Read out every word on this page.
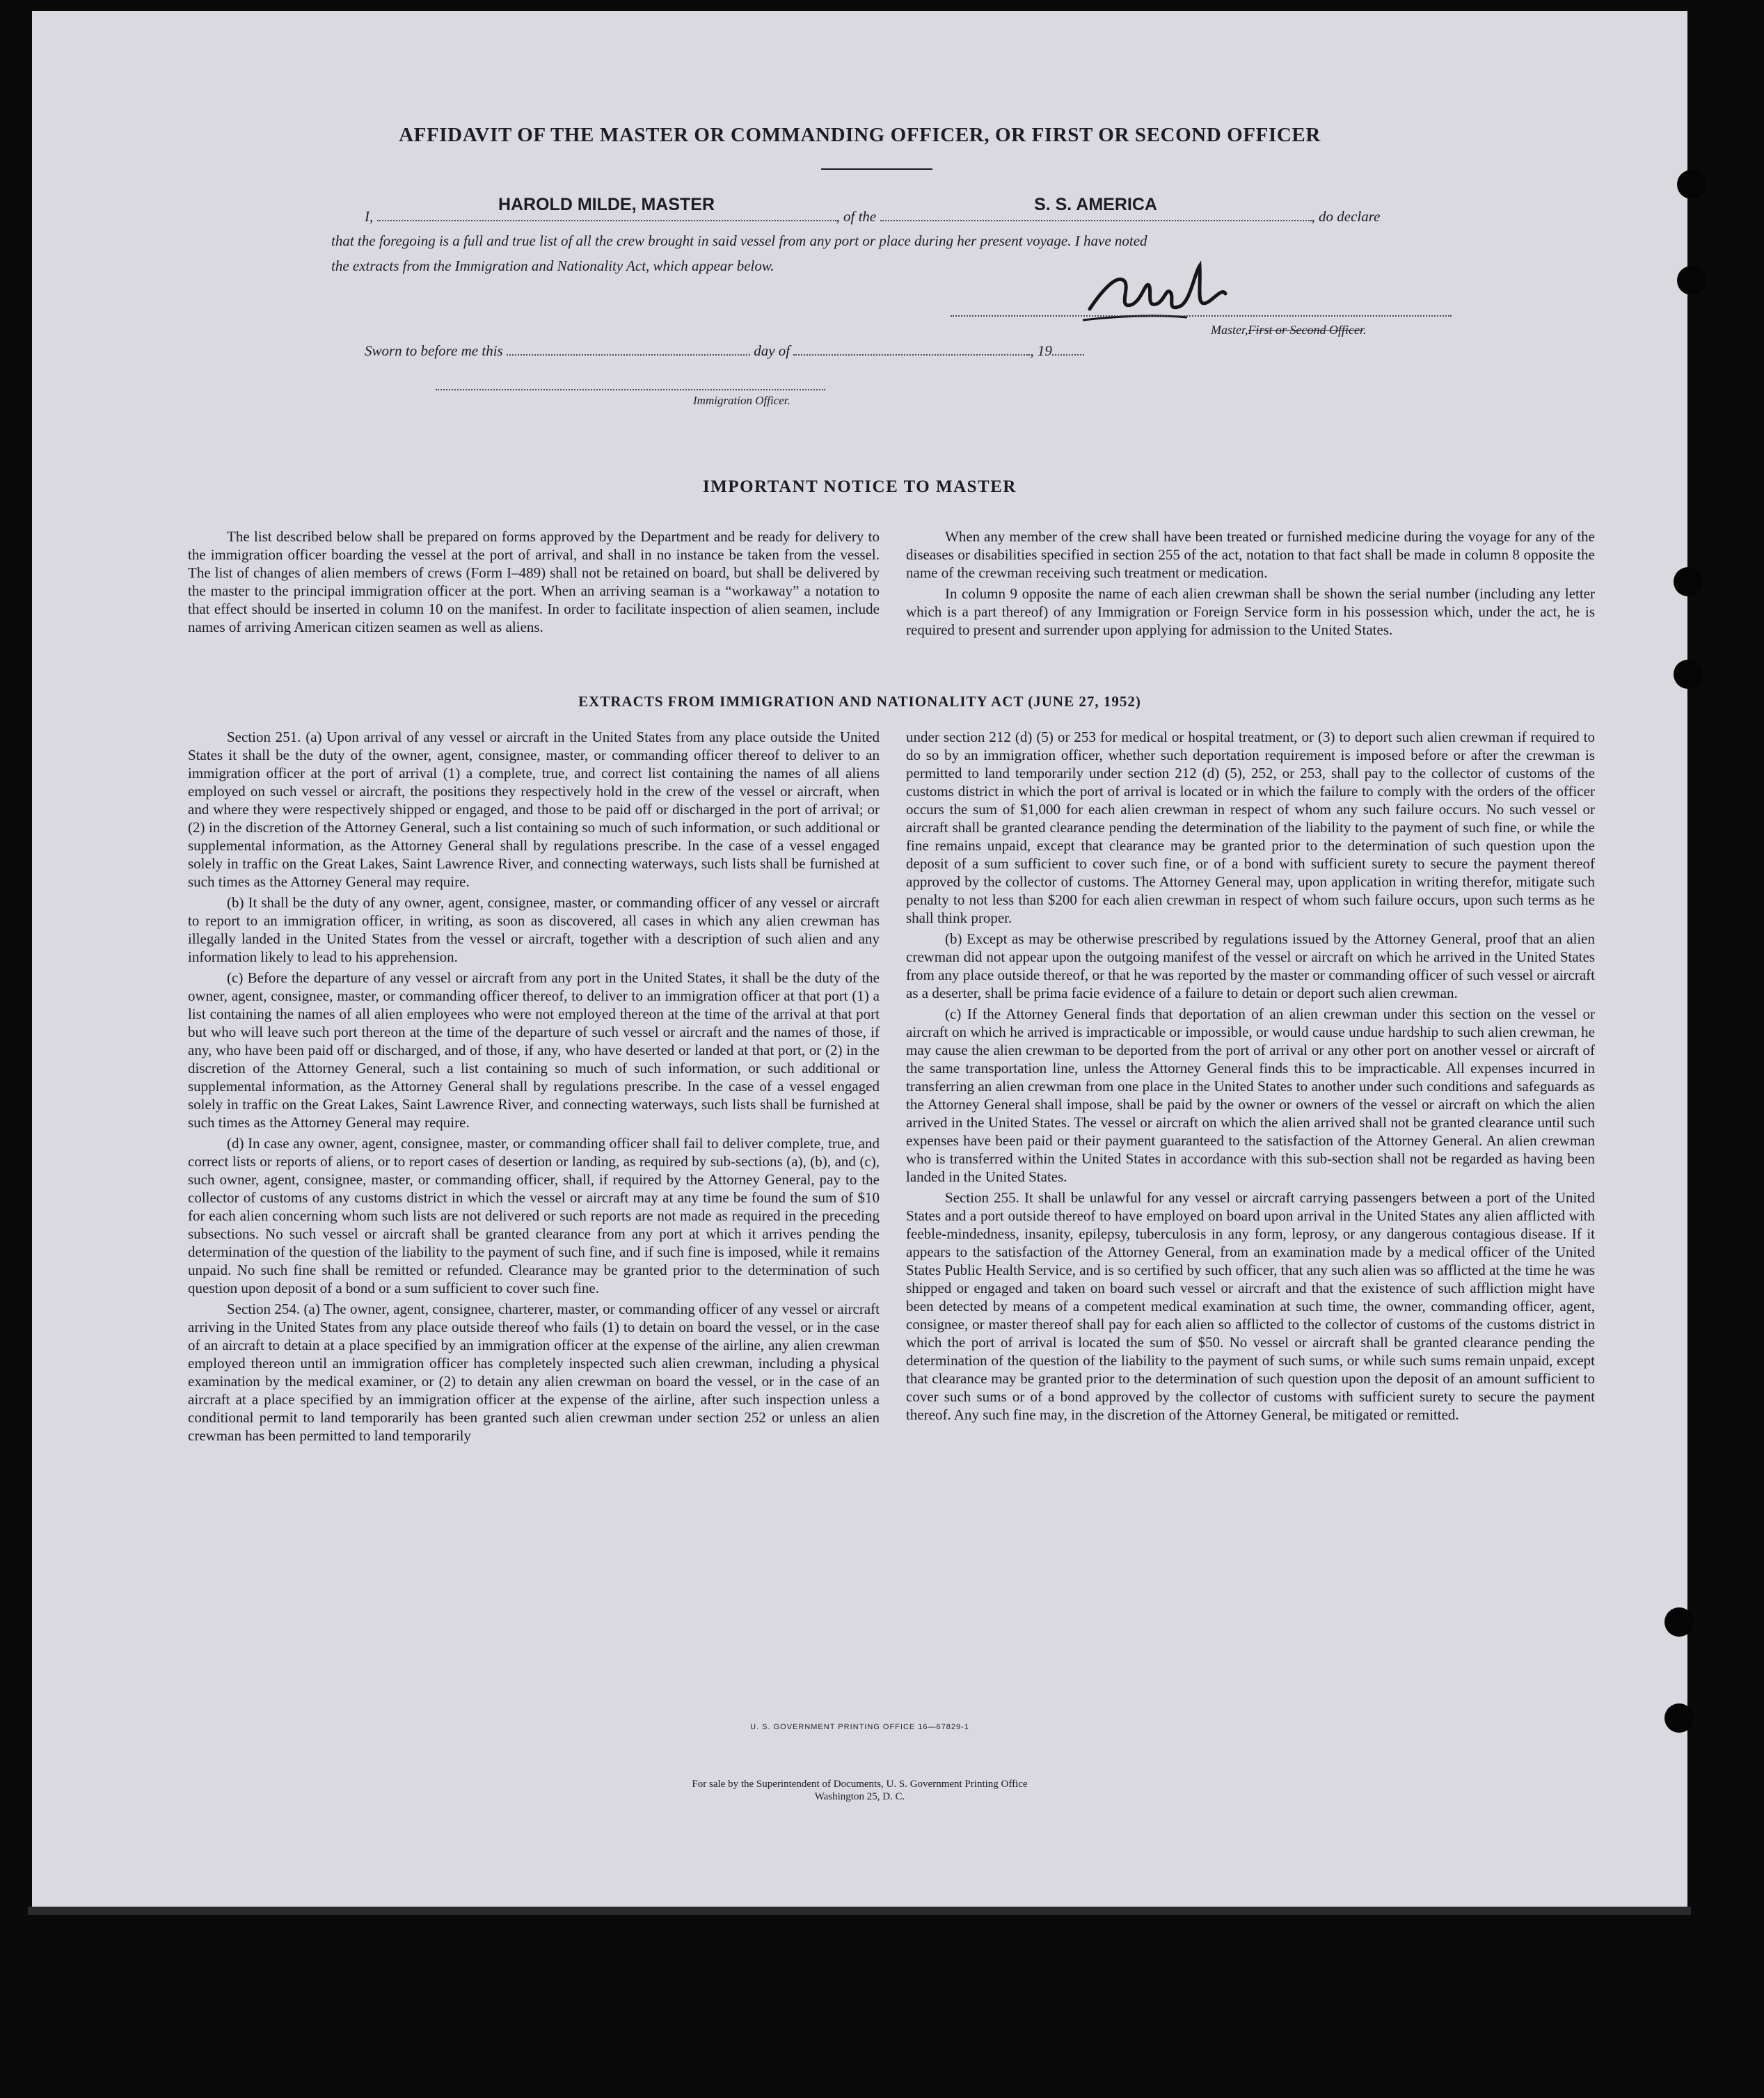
AFFIDAVIT OF THE MASTER OR COMMANDING OFFICER, OR FIRST OR SECOND OFFICER
I,
HAROLD MILDE, MASTER
, of the
S. S. AMERICA
, do declare
that the foregoing is a full and true list of all the crew brought in said vessel from any port or place during her present voyage. I have noted
the extracts from the Immigration and Nationality Act, which appear below.
Master,First or Second Officer.
Sworn to before me this	day of	, 19
Immigration Officer.
IMPORTANT NOTICE TO MASTER

The list described below shall be prepared on forms approved by the Department and be ready for delivery to the immigration officer boarding the vessel at the port of arrival, and shall in no instance be taken from the vessel. The list of changes of alien members of crews (Form I–489) shall not be retained on board, but shall be delivered by the master to the principal immigration officer at the port. When an arriving seaman is a “workaway” a notation to that effect should be inserted in column 10 on the manifest. In order to facilitate inspection of alien seamen, include names of arriving American citizen seamen as well as aliens.

When any member of the crew shall have been treated or furnished medicine during the voyage for any of the diseases or disabilities specified in section 255 of the act, notation to that fact shall be made in column 8 opposite the name of the crewman receiving such treatment or medication.

In column 9 opposite the name of each alien crewman shall be shown the serial number (including any letter which is a part thereof) of any Immigration or Foreign Service form in his possession which, under the act, he is required to present and surrender upon applying for admission to the United States.

EXTRACTS FROM IMMIGRATION AND NATIONALITY ACT (JUNE 27, 1952)

Section 251. (a) Upon arrival of any vessel or aircraft in the United States from any place outside the United States it shall be the duty of the owner, agent, consignee, master, or commanding officer thereof to deliver to an immigration officer at the port of arrival (1) a complete, true, and correct list containing the names of all aliens employed on such vessel or aircraft, the positions they respectively hold in the crew of the vessel or aircraft, when and where they were respectively shipped or engaged, and those to be paid off or discharged in the port of arrival; or (2) in the discretion of the Attorney General, such a list containing so much of such information, or such additional or supplemental information, as the Attorney General shall by regulations prescribe. In the case of a vessel engaged solely in traffic on the Great Lakes, Saint Lawrence River, and connecting waterways, such lists shall be furnished at such times as the Attorney General may require.

(b) It shall be the duty of any owner, agent, consignee, master, or commanding officer of any vessel or aircraft to report to an immigration officer, in writing, as soon as discovered, all cases in which any alien crewman has illegally landed in the United States from the vessel or aircraft, together with a description of such alien and any information likely to lead to his apprehension.

(c) Before the departure of any vessel or aircraft from any port in the United States, it shall be the duty of the owner, agent, consignee, master, or commanding officer thereof, to deliver to an immigration officer at that port (1) a list containing the names of all alien employees who were not employed thereon at the time of the arrival at that port but who will leave such port thereon at the time of the departure of such vessel or aircraft and the names of those, if any, who have been paid off or discharged, and of those, if any, who have deserted or landed at that port, or (2) in the discretion of the Attorney General, such a list containing so much of such information, or such additional or supplemental information, as the Attorney General shall by regulations prescribe. In the case of a vessel engaged solely in traffic on the Great Lakes, Saint Lawrence River, and connecting waterways, such lists shall be furnished at such times as the Attorney General may require.

(d) In case any owner, agent, consignee, master, or commanding officer shall fail to deliver complete, true, and correct lists or reports of aliens, or to report cases of desertion or landing, as required by sub-sections (a), (b), and (c), such owner, agent, consignee, master, or commanding officer, shall, if required by the Attorney General, pay to the collector of customs of any customs district in which the vessel or aircraft may at any time be found the sum of $10 for each alien concerning whom such lists are not delivered or such reports are not made as required in the preceding subsections. No such vessel or aircraft shall be granted clearance from any port at which it arrives pending the determination of the question of the liability to the payment of such fine, and if such fine is imposed, while it remains unpaid. No such fine shall be remitted or refunded. Clearance may be granted prior to the determination of such question upon deposit of a bond or a sum sufficient to cover such fine.

Section 254. (a) The owner, agent, consignee, charterer, master, or commanding officer of any vessel or aircraft arriving in the United States from any place outside thereof who fails (1) to detain on board the vessel, or in the case of an aircraft to detain at a place specified by an immigration officer at the expense of the airline, any alien crewman employed thereon until an immigration officer has completely inspected such alien crewman, including a physical examination by the medical examiner, or (2) to detain any alien crewman on board the vessel, or in the case of an aircraft at a place specified by an immigration officer at the expense of the airline, after such inspection unless a conditional permit to land temporarily has been granted such alien crewman under section 252 or unless an alien crewman has been permitted to land temporarily

under section 212 (d) (5) or 253 for medical or hospital treatment, or (3) to deport such alien crewman if required to do so by an immigration officer, whether such deportation requirement is imposed before or after the crewman is permitted to land temporarily under section 212 (d) (5), 252, or 253, shall pay to the collector of customs of the customs district in which the port of arrival is located or in which the failure to comply with the orders of the officer occurs the sum of $1,000 for each alien crewman in respect of whom any such failure occurs. No such vessel or aircraft shall be granted clearance pending the determination of the liability to the payment of such fine, or while the fine remains unpaid, except that clearance may be granted prior to the determination of such question upon the deposit of a sum sufficient to cover such fine, or of a bond with sufficient surety to secure the payment thereof approved by the collector of customs. The Attorney General may, upon application in writing therefor, mitigate such penalty to not less than $200 for each alien crewman in respect of whom such failure occurs, upon such terms as he shall think proper.

(b) Except as may be otherwise prescribed by regulations issued by the Attorney General, proof that an alien crewman did not appear upon the outgoing manifest of the vessel or aircraft on which he arrived in the United States from any place outside thereof, or that he was reported by the master or commanding officer of such vessel or aircraft as a deserter, shall be prima facie evidence of a failure to detain or deport such alien crewman.

(c) If the Attorney General finds that deportation of an alien crewman under this section on the vessel or aircraft on which he arrived is impracticable or impossible, or would cause undue hardship to such alien crewman, he may cause the alien crewman to be deported from the port of arrival or any other port on another vessel or aircraft of the same transportation line, unless the Attorney General finds this to be impracticable. All expenses incurred in transferring an alien crewman from one place in the United States to another under such conditions and safeguards as the Attorney General shall impose, shall be paid by the owner or owners of the vessel or aircraft on which the alien arrived in the United States. The vessel or aircraft on which the alien arrived shall not be granted clearance until such expenses have been paid or their payment guaranteed to the satisfaction of the Attorney General. An alien crewman who is transferred within the United States in accordance with this sub-section shall not be regarded as having been landed in the United States.

Section 255. It shall be unlawful for any vessel or aircraft carrying passengers between a port of the United States and a port outside thereof to have employed on board upon arrival in the United States any alien afflicted with feeble-mindedness, insanity, epilepsy, tuberculosis in any form, leprosy, or any dangerous contagious disease. If it appears to the satisfaction of the Attorney General, from an examination made by a medical officer of the United States Public Health Service, and is so certified by such officer, that any such alien was so afflicted at the time he was shipped or engaged and taken on board such vessel or aircraft and that the existence of such affliction might have been detected by means of a competent medical examination at such time, the owner, commanding officer, agent, consignee, or master thereof shall pay for each alien so afflicted to the collector of customs of the customs district in which the port of arrival is located the sum of $50. No vessel or aircraft shall be granted clearance pending the determination of the question of the liability to the payment of such sums, or while such sums remain unpaid, except that clearance may be granted prior to the determination of such question upon the deposit of an amount sufficient to cover such sums or of a bond approved by the collector of customs with sufficient surety to secure the payment thereof. Any such fine may, in the discretion of the Attorney General, be mitigated or remitted.

U. S. GOVERNMENT PRINTING OFFICE 16—67829-1
For sale by the Superintendent of Documents, U. S. Government Printing Office
Washington 25, D. C.
